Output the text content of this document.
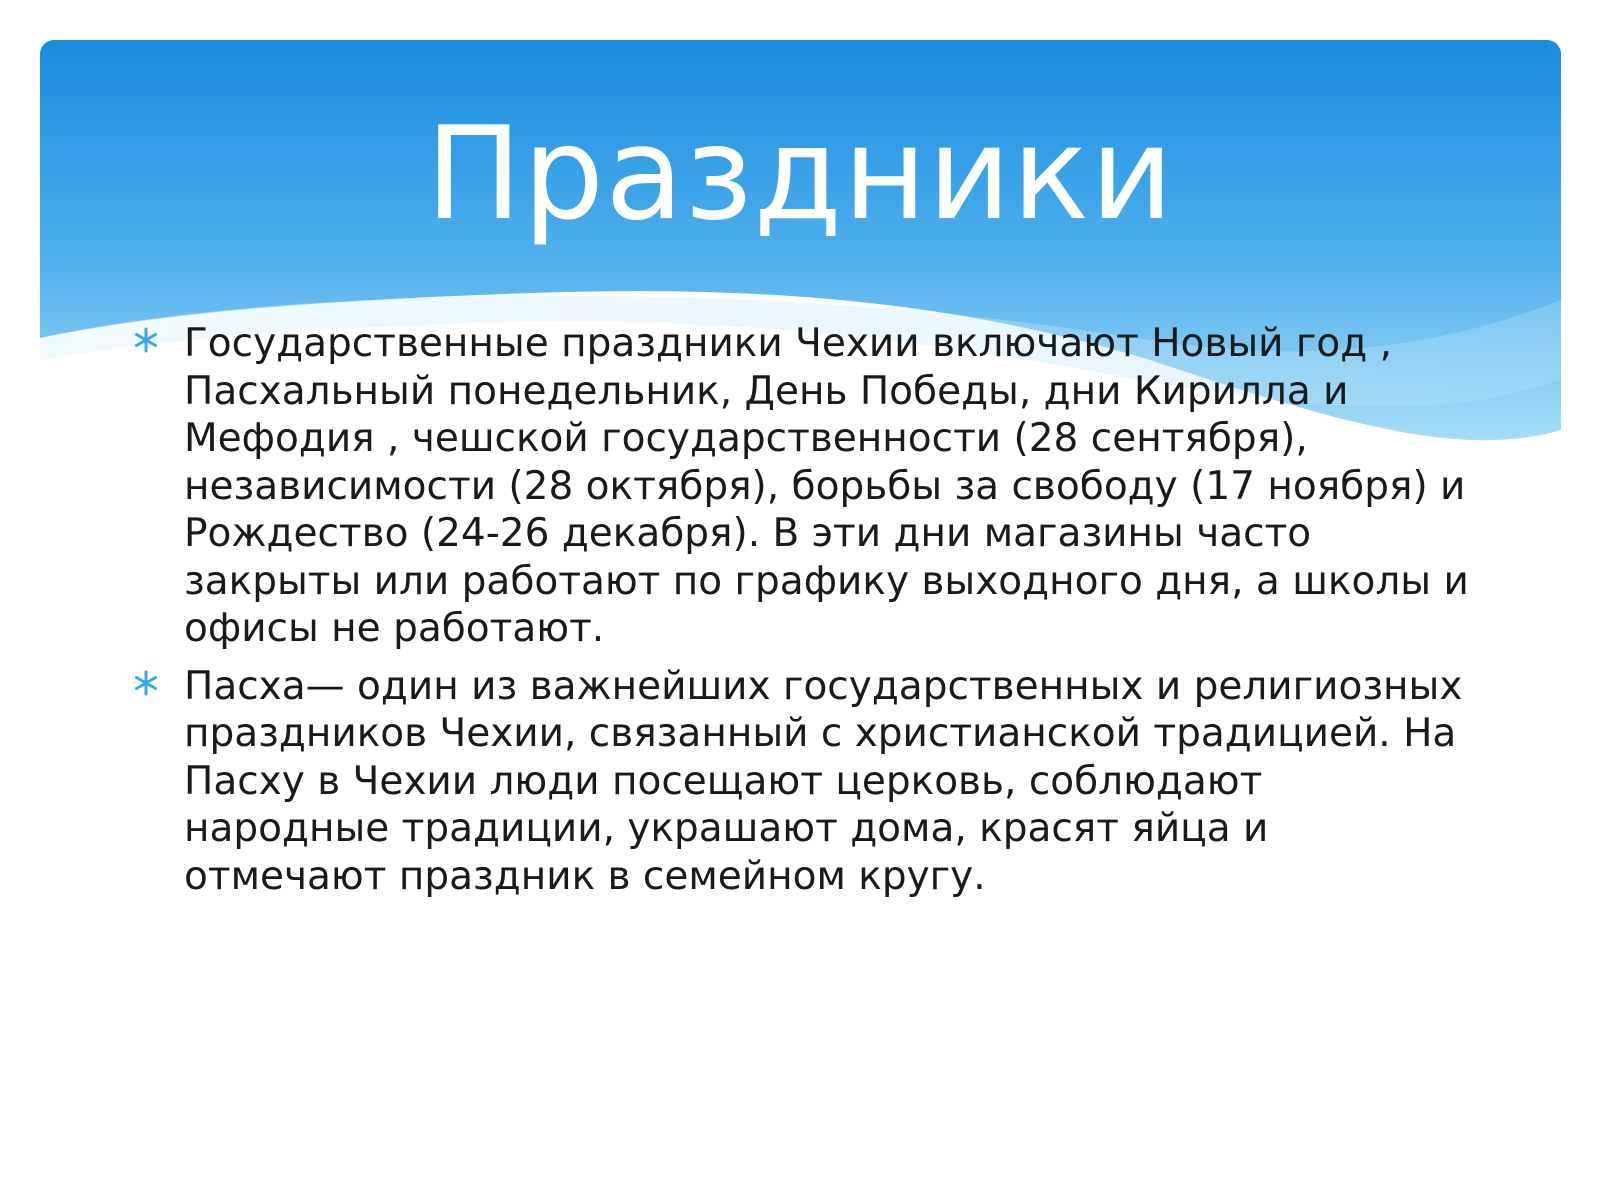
Праздники
Государственные праздники Чехии включают Новый год , Пасхальный понедельник, День Победы, дни Кирилла и Мефодия , чешской государственности (28 сентября), независимости (28 октября), борьбы за свободу (17 ноября) и Рождество (24-26 декабря). В эти дни магазины часто закрыты или работают по графику выходного дня, а школы и офисы не работают.
Пасха— один из важнейших государственных и религиозных праздников Чехии, связанный с христианской традицией. На Пасху в Чехии люди посещают церковь, соблюдают народные традиции, украшают дома, красят яйца и отмечают праздник в семейном кругу.
